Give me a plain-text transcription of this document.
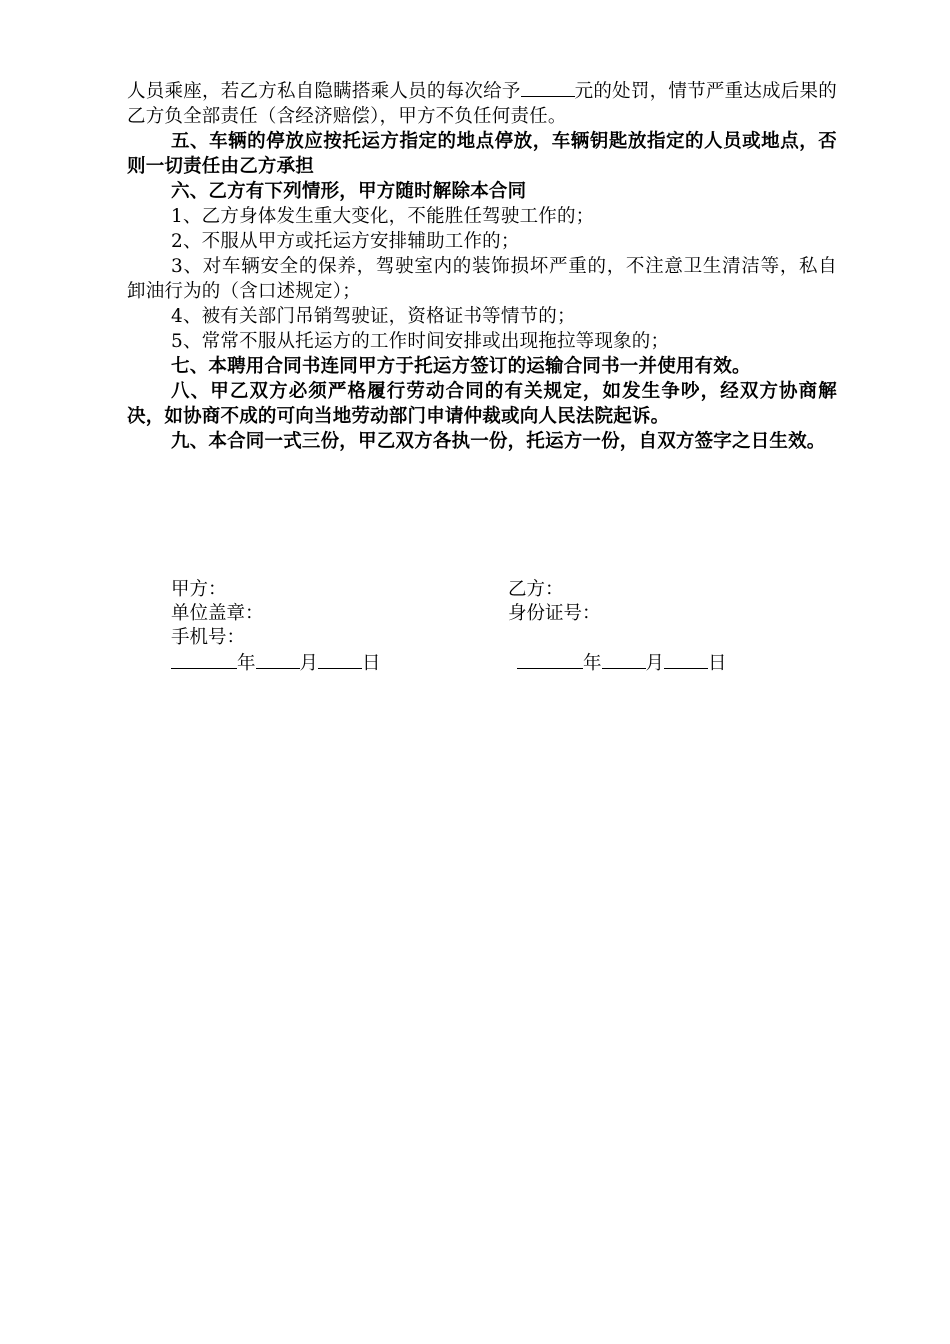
人员乘座，若乙方私自隐瞒搭乘人员的每次给予	元的处罚，情节严重达成后果的乙方负全部责任（含经济赔偿），甲方不负任何责任。

五、车辆的停放应按托运方指定的地点停放，车辆钥匙放指定的人员或地点，否则一切责任由乙方承担

六、乙方有下列情形，甲方随时解除本合同

1、乙方身体发生重大变化，不能胜任驾驶工作的；

2、不服从甲方或托运方安排辅助工作的；

3、对车辆安全的保养，驾驶室内的装饰损坏严重的，不注意卫生清洁等，私自卸油行为的（含口述规定）；

4、被有关部门吊销驾驶证，资格证书等情节的；

5、常常不服从托运方的工作时间安排或出现拖拉等现象的；

七、本聘用合同书连同甲方于托运方签订的运输合同书一并使用有效。

八、甲乙双方必须严格履行劳动合同的有关规定，如发生争吵，经双方协商解决，如协商不成的可向当地劳动部门申请仲裁或向人民法院起诉。

九、本合同一式三份，甲乙双方各执一份，托运方一份，自双方签字之日生效。

甲方：	乙方：
单位盖章：	身份证号：
手机号：
年 月 日	年 月 日
